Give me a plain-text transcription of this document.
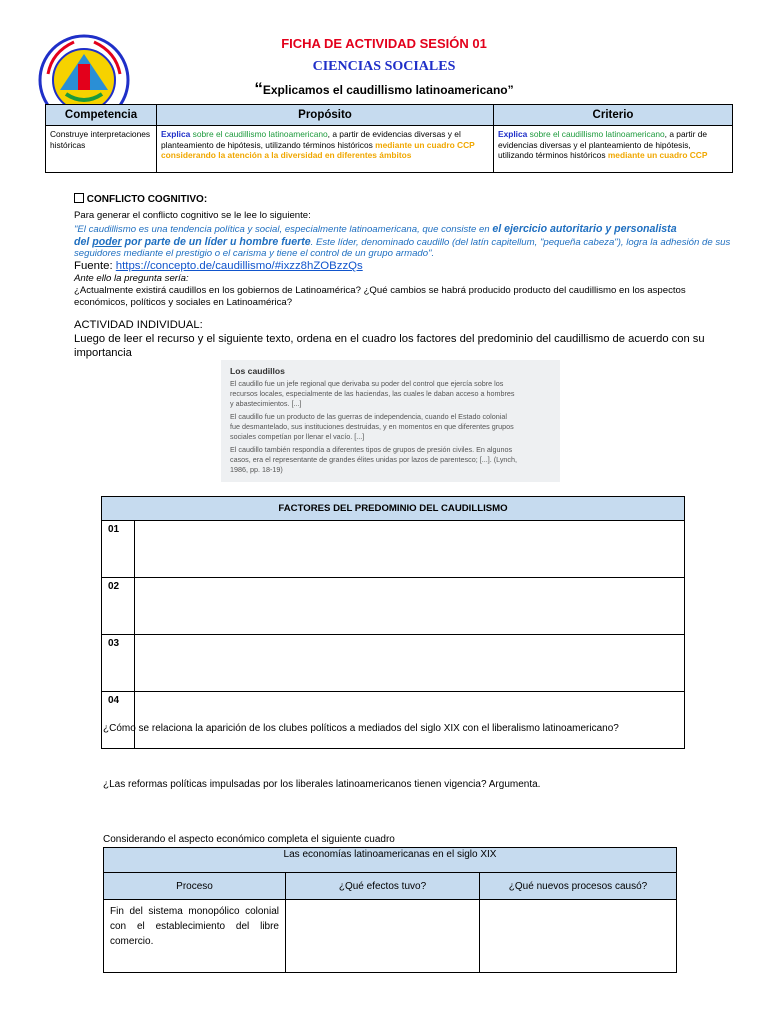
FICHA DE ACTIVIDAD SESIÓN 01
CIENCIAS SOCIALES
“Explicamos el caudillismo latinoamericano”
Competencia	Propósito	Criterio
Construye interpretaciones históricas	Explica sobre el caudillismo latinoamericano, a partir de evidencias diversas y el planteamiento de hipótesis, utilizando términos históricos mediante un cuadro CCP considerando la atención a la diversidad en diferentes ámbitos	Explica sobre el caudillismo latinoamericano, a partir de evidencias diversas y el planteamiento de hipótesis, utilizando términos históricos mediante un cuadro CCP
CONFLICTO COGNITIVO:
Para generar el conflicto cognitivo se le lee lo siguiente:
"El caudillismo es una tendencia política y social, especialmente latinoamericana, que consiste en el ejercicio autoritario y personalista
del poder por parte de un líder u hombre fuerte. Este líder, denominado caudillo (del latín capitellum, "pequeña cabeza"), logra la adhesión de sus
seguidores mediante el prestigio o el carisma y tiene el control de un grupo armado".
Fuente: https://concepto.de/caudillismo/#ixzz8hZOBzzQs
Ante ello la pregunta sería:
¿Actualmente existirá caudillos en los gobiernos de Latinoamérica? ¿Qué cambios se habrá producido producto del caudillismo en los aspectos
económicos, políticos y sociales en Latinoamérica?
ACTIVIDAD INDIVIDUAL:
Luego de leer el recurso y el siguiente texto, ordena en el cuadro los factores del predominio del caudillismo de acuerdo con su
importancia
Los caudillos
El caudillo fue un jefe regional que derivaba su poder del control que ejercía sobre los
recursos locales, especialmente de las haciendas, las cuales le daban acceso a hombres
y abastecimientos. [...]
El caudillo fue un producto de las guerras de independencia, cuando el Estado colonial
fue desmantelado, sus instituciones destruidas, y en momentos en que diferentes grupos
sociales competían por llenar el vacío. [...]
El caudillo también respondía a diferentes tipos de grupos de presión civiles. En algunos
casos, era el representante de grandes élites unidas por lazos de parentesco; [...]. (Lynch,
1986, pp. 18-19)
FACTORES DEL PREDOMINIO DEL CAUDILLISMO	
01	
02	
03	
04	
¿Cómo se relaciona la aparición de los clubes políticos a mediados del siglo XIX con el liberalismo latinoamericano?
¿Las reformas políticas impulsadas por los liberales latinoamericanos tienen vigencia? Argumenta.
Considerando el aspecto económico completa el siguiente cuadro
Las economías latinoamericanas en el siglo XIX		
Proceso	¿Qué efectos tuvo?	¿Qué nuevos procesos causó?
Fin del sistema monopólico colonial con el establecimiento del libre comercio.		
